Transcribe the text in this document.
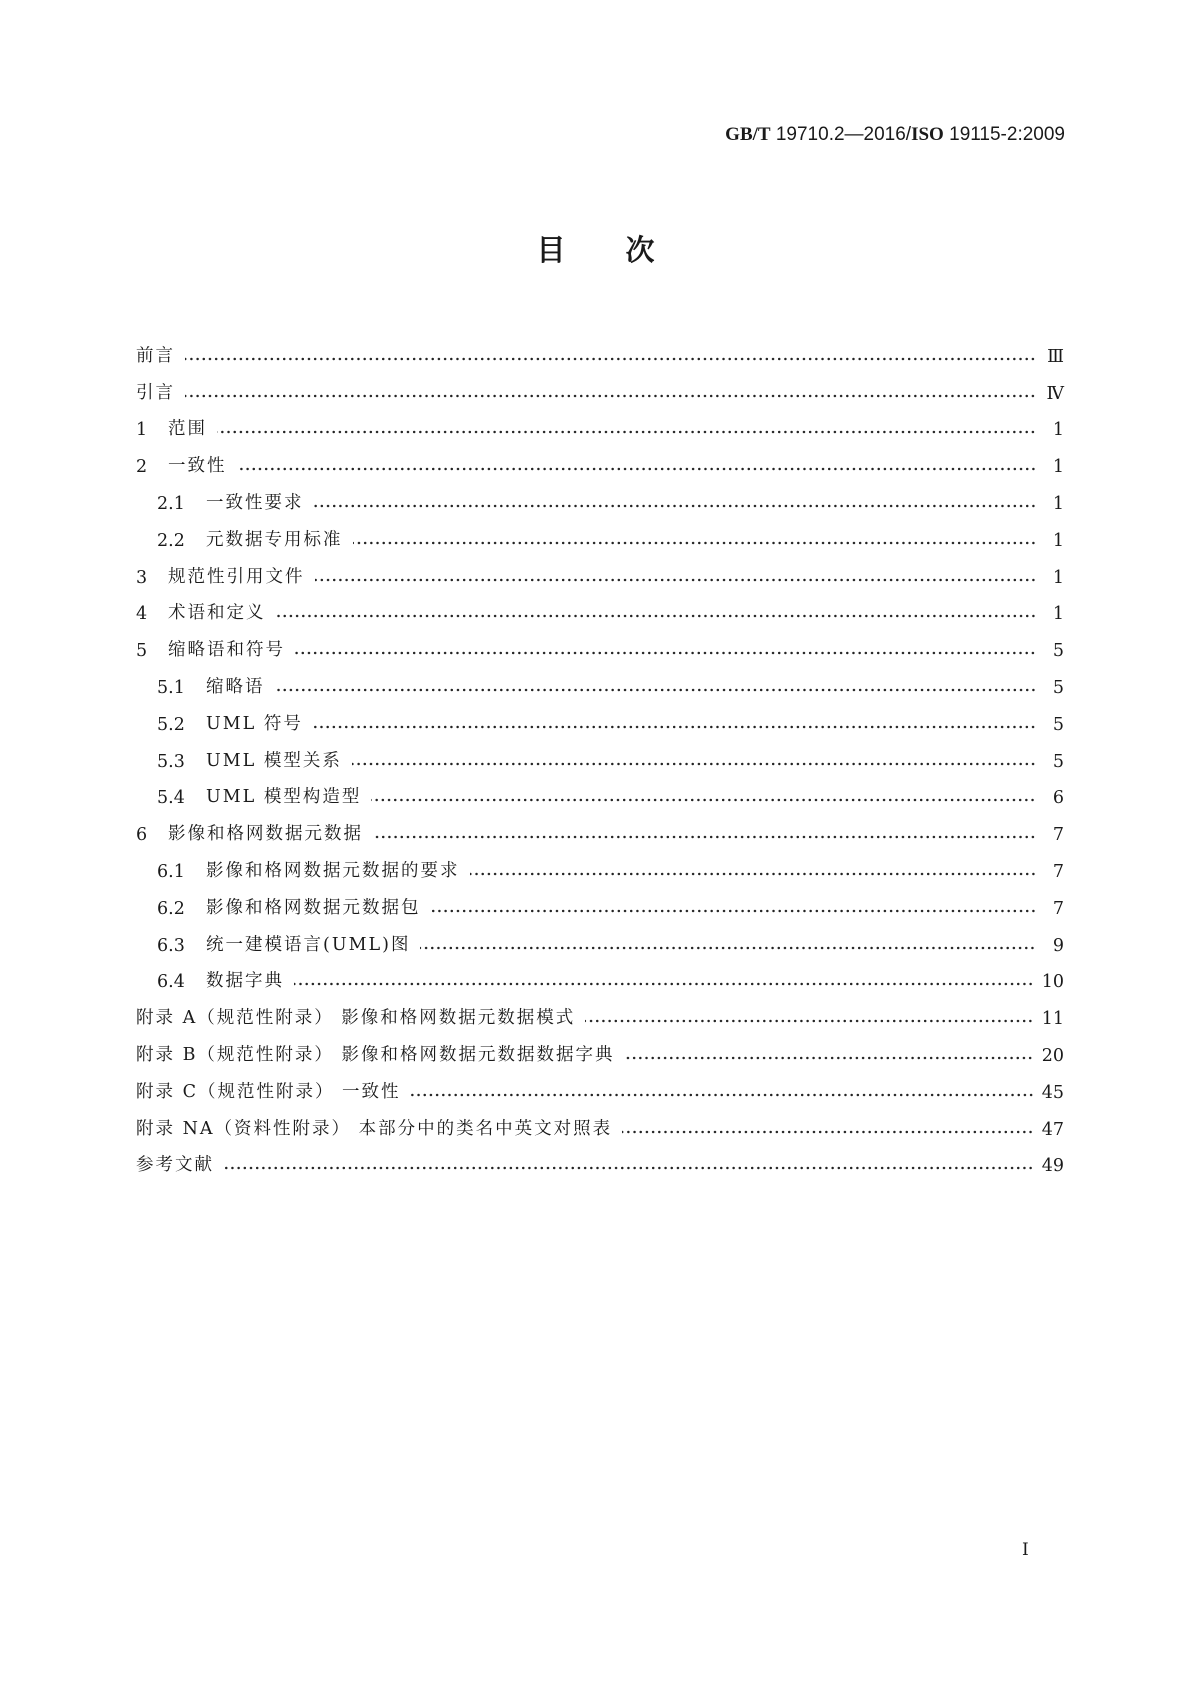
GB/T 19710.2—2016/ISO 19115-2:2009
目次
前言	Ⅲ
引言	Ⅳ
1	范围	1
2	一致性	1
2.1	一致性要求	1
2.2	元数据专用标准	1
3	规范性引用文件	1
4	术语和定义	1
5	缩略语和符号	5
5.1	缩略语	5
5.2	UML 符号	5
5.3	UML 模型关系	5
5.4	UML 模型构造型	6
6	影像和格网数据元数据	7
6.1	影像和格网数据元数据的要求	7
6.2	影像和格网数据元数据包	7
6.3	统一建模语言(UML)图	9
6.4	数据字典	10
附录 A（规范性附录） 影像和格网数据元数据模式	11
附录 B（规范性附录） 影像和格网数据元数据数据字典	20
附录 C（规范性附录） 一致性	45
附录 NA（资料性附录） 本部分中的类名中英文对照表	47
参考文献	49
I
